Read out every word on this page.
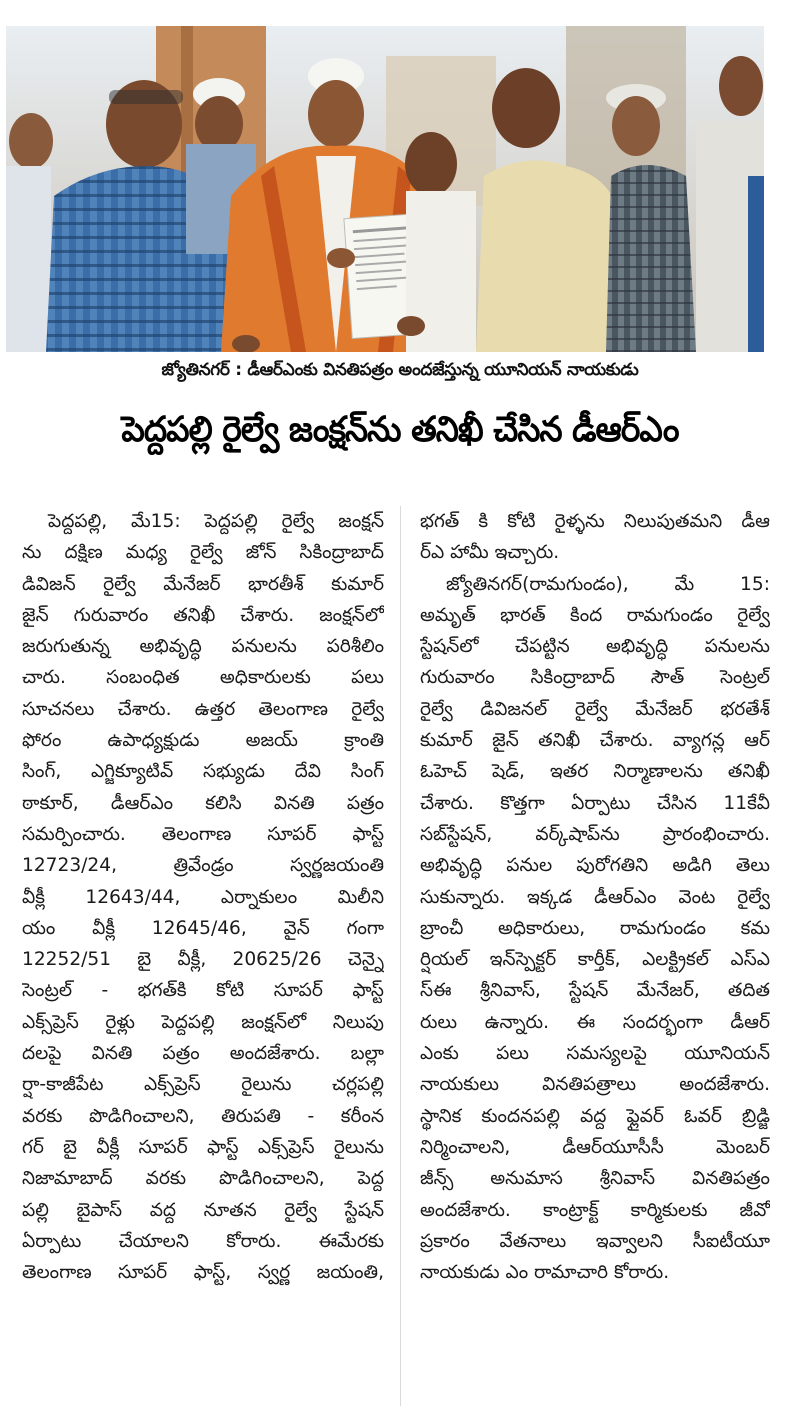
జ్యోతినగర్ : డీఆర్ఎంకు వినతిపత్రం అందజేస్తున్న యూనియన్ నాయకుడు
పెద్దపల్లి రైల్వే జంక్షన్‌ను తనిఖీ చేసిన డీఆర్ఎం
పెద్దపల్లి, మే15: పెద్దపల్లి రైల్వే జంక్షన్
ను దక్షిణ మధ్య రైల్వే జోన్ సికింద్రాబాద్
డివిజన్ రైల్వే మేనేజర్ భారతీశ్ కుమార్
జైన్ గురువారం తనిఖీ చేశారు. జంక్షన్‌లో
జరుగుతున్న అభివృద్ధి పనులను పరిశీలిం
చారు. సంబంధిత అధికారులకు పలు
సూచనలు చేశారు. ఉత్తర తెలంగాణ రైల్వే
ఫోరం ఉపాధ్యక్షుడు అజయ్ క్రాంతి
సింగ్, ఎగ్జిక్యూటివ్ సభ్యుడు దేవి సింగ్
ఠాకూర్, డీఆర్ఎం కలిసి వినతి పత్రం
సమర్పించారు. తెలంగాణ సూపర్ ఫాస్ట్
12723/24, త్రివేండ్రం స్వర్ణజయంతి
వీక్లీ 12643/44, ఎర్నాకులం మిలీని
యం వీక్లీ 12645/46, వైన్ గంగా
12252/51 బై వీక్లీ, 20625/26 చెన్నై
సెంట్రల్ - భగత్‌కి కోటి సూపర్ ఫాస్ట్
ఎక్స్‌ప్రెస్ రైళ్లు పెద్దపల్లి జంక్షన్‌లో నిలుపు
దలపై వినతి పత్రం అందజేశారు. బల్లా
ర్షా-కాజీపేట ఎక్స్‌ప్రెస్ రైలును చర్లపల్లి
వరకు పొడిగించాలని, తిరుపతి - కరీంన
గర్ బై వీక్లీ సూపర్ ఫాస్ట్ ఎక్స్‌ప్రెస్ రైలును
నిజామాబాద్ వరకు పొడిగించాలని, పెద్ద
పల్లి బైపాస్ వద్ద నూతన రైల్వే స్టేషన్
ఏర్పాటు చేయాలని కోరారు. ఈమేరకు
తెలంగాణ సూపర్ ఫాస్ట్, స్వర్ణ జయంతి,
భగత్ కి కోటి రైళ్ళను నిలుపుతమని డీఆ
ర్ఎ హామీ ఇచ్చారు.
జ్యోతినగర్(రామగుండం), మే 15:
అమృత్ భారత్ కింద రామగుండం రైల్వే
స్టేషన్‌లో చేపట్టిన అభివృద్ధి పనులను
గురువారం సికింద్రాబాద్ సౌత్ సెంట్రల్
రైల్వే డివిజనల్ రైల్వే మేనేజర్ భరతేశ్
కుమార్ జైన్ తనిఖీ చేశారు. వ్యాగన్ల ఆర్
ఓహెచ్ షెడ్, ఇతర నిర్మాణాలను తనిఖీ
చేశారు. కొత్తగా ఏర్పాటు చేసిన 11కేవీ
సబ్‌స్టేషన్, వర్క్‌షాప్‌ను ప్రారంభించారు.
అభివృద్ధి పనుల పురోగతిని అడిగి తెలు
సుకున్నారు. ఇక్కడ డీఆర్ఎం వెంట రైల్వే
బ్రాంచీ అధికారులు, రామగుండం కమ
ర్షియల్ ఇన్‌స్పెక్టర్ కార్తీక్, ఎలక్ట్రికల్ ఎస్ఎ
స్ఈ శ్రీనివాస్, స్టేషన్ మేనేజర్, తదిత
రులు ఉన్నారు. ఈ సందర్భంగా డీఆర్
ఎంకు పలు సమస్యలపై యూనియన్
నాయకులు వినతిపత్రాలు అందజేశారు.
స్థానిక కుందనపల్లి వద్ద ఫ్లైవర్ ఓవర్ బ్రిడ్జి
నిర్మించాలని, డీఆర్‌యూసీసీ మెంబర్
జీన్స్ అనుమాస శ్రీనివాస్ వినతిపత్రం
అందజేశారు. కాంట్రాక్ట్ కార్మికులకు జీవో
ప్రకారం వేతనాలు ఇవ్వాలని సీఐటీయూ
నాయకుడు ఎం రామాచారి కోరారు.
